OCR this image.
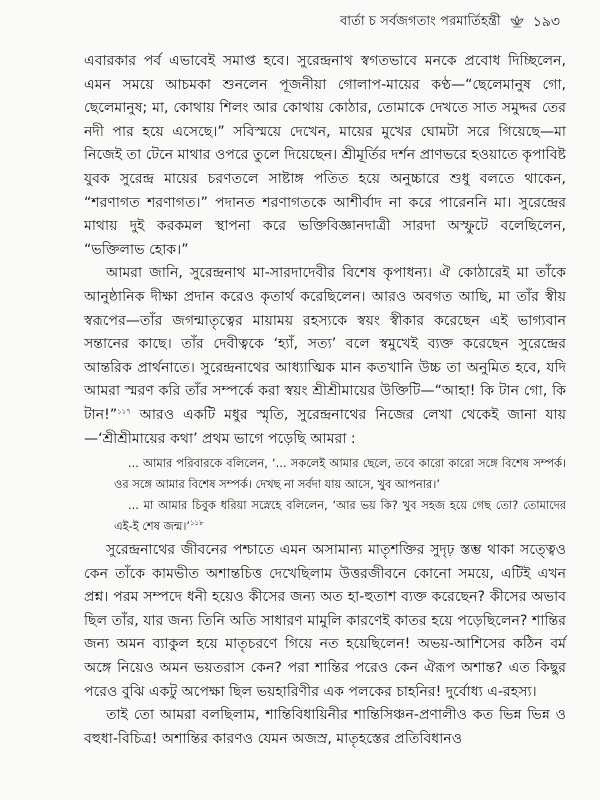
বার্তা চ সর্বজগতাং পরমার্তিহন্ত্রী ১৯৩

এবারকার পর্ব এভাবেই সমাপ্ত হবে। সুরেন্দ্রনাথ স্বগতভাবে মনকে প্রবোধ দিচ্ছিলেন, এমন সময়ে আচমকা শুনলেন পূজনীয়া গোলাপ-মায়ের কণ্ঠ—“ছেলেমানুষ গো, ছেলেমানুষ; মা, কোথায় শিলং আর কোথায় কোঠার, তোমাকে দেখতে সাত সমুদ্দর তের নদী পার হয়ে এসেছে।” সবিস্ময়ে দেখেন, মায়ের মুখের ঘোমটা সরে গিয়েছে—মা নিজেই তা টেনে মাথার ওপরে তুলে দিয়েছেন। শ্রীমূর্তির দর্শন প্রাণভরে হওয়াতে কৃপাবিষ্ট যুবক সুরেন্দ্র মায়ের চরণতলে সাষ্টাঙ্গ পতিত হয়ে অনুচ্চারে শুধু বলতে থাকেন, “শরণাগত শরণাগত।” পদানত শরণাগতকে আশীর্বাদ না করে পারেননি মা। সুরেন্দ্রের মাথায় দুই করকমল স্থাপনা করে ভক্তিবিজ্ঞানদাত্রী সারদা অস্ফুটে বলেছিলেন, “ভক্তিলাভ হোক।”

আমরা জানি, সুরেন্দ্রনাথ মা-সারদাদেবীর বিশেষ কৃপাধন্য। ঐ কোঠারেই মা তাঁকে আনুষ্ঠানিক দীক্ষা প্রদান করেও কৃতার্থ করেছিলেন। আরও অবগত আছি, মা তাঁর স্বীয় স্বরূপের—তাঁর জগন্মাতৃত্বের মায়াময় রহস্যকে স্বয়ং স্বীকার করেছেন এই ভাগ্যবান সন্তানের কাছে। তাঁর দেবীত্বকে ‘হ্যাঁ, সত্য’ বলে স্বমুখেই ব্যক্ত করেছেন সুরেন্দ্রের আন্তরিক প্রার্থনাতে। সুরেন্দ্রনাথের আধ্যাত্মিক মান কতখানি উচ্চ তা অনুমিত হবে, যদি আমরা স্মরণ করি তাঁর সম্পর্কে করা স্বয়ং শ্রীশ্রীমায়ের উক্তিটি—“আহা! কি টান গো, কি টান!”$^{১১৭}$ আরও একটি মধুর স্মৃতি, সুরেন্দ্রনাথের নিজের লেখা থেকেই জানা যায়—‘শ্রীশ্রীমায়ের কথা’ প্রথম ভাগে পড়েছি আমরা :

... আমার পরিবারকে বলিলেন, ‘... সকলেই আমার ছেলে, তবে কারো কারো সঙ্গে বিশেষ সম্পর্ক। ওর সঙ্গে আমার বিশেষ সম্পর্ক। দেখছ না সর্বদা যায় আসে, খুব আপনার।’

... মা আমার চিবুক ধরিয়া সস্নেহে বলিলেন, ‘আর ভয় কি? খুব সহজ হয়ে গেছ তো? তোমাদের এই-ই শেষ জন্ম।’$^{১১৮}$

সুরেন্দ্রনাথের জীবনের পশ্চাতে এমন অসামান্য মাতৃশক্তির সুদৃঢ় স্তম্ভ থাকা সত্ত্বেও কেন তাঁকে কামভীত অশান্তচিত্ত দেখেছিলাম উত্তরজীবনে কোনো সময়ে, এটিই এখন প্রশ্ন। পরম সম্পদে ধনী হয়েও কীসের জন্য অত হা-হুতাশ ব্যক্ত করেছেন? কীসের অভাব ছিল তাঁর, যার জন্য তিনি অতি সাধারণ মামুলি কারণেই কাতর হয়ে পড়েছিলেন? শান্তির জন্য অমন ব্যাকুল হয়ে মাতৃচরণে গিয়ে নত হয়েছিলেন! অভয়-আশিসের কঠিন বর্ম অঙ্গে নিয়েও অমন ভয়তরাস কেন? পরা শান্তির পরেও কেন ঐরূপ অশান্ত? এত কিছুর পরেও বুঝি একটু অপেক্ষা ছিল ভয়হারিণীর এক পলকের চাহনির! দুর্বোধ্য এ-রহস্য।

তাই তো আমরা বলছিলাম, শান্তিবিধায়িনীর শান্তিসিঞ্চন-প্রণালীও কত ভিন্ন ভিন্ন ও বহুধা-বিচিত্র! অশান্তির কারণও যেমন অজস্র, মাতৃহস্তের প্রতিবিধানও
